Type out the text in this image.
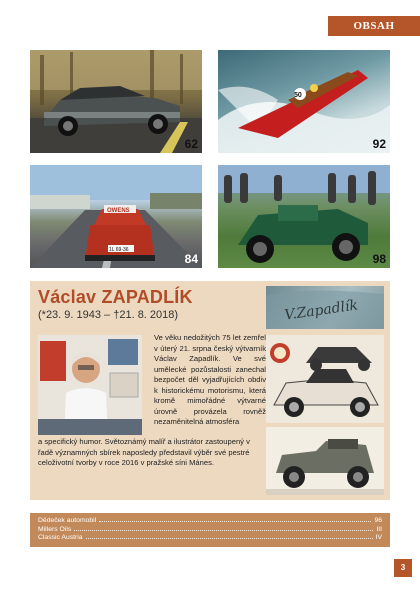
OBSAH
62
50
92
OWENS
1L 69-36
84	98
Václav ZAPADLÍK
(*23. 9. 1943 – †21. 8. 2018)

Ve věku nedožitých 75 let zemřel v úterý 21. srpna český výtvarník Václav Zapadlík. Ve své umělecké pozůstalosti zanechal bezpočet děl vyjadřujících obdiv k historickému motorismu, která kromě mimořádné výtvarné úrovně provázela rovněž nezaměnitelná atmosféra

a specifický humor. Světoznámý malíř a ilustrátor zastoupený v řadě významných sbírek naposledy představil výběr své pestré celoživotní tvorby v roce 2016 v pražské síni Mánes.

V.Zapadlík
Dědeček automobil	96
Millers Oils	III
Classic Austria	IV
3
